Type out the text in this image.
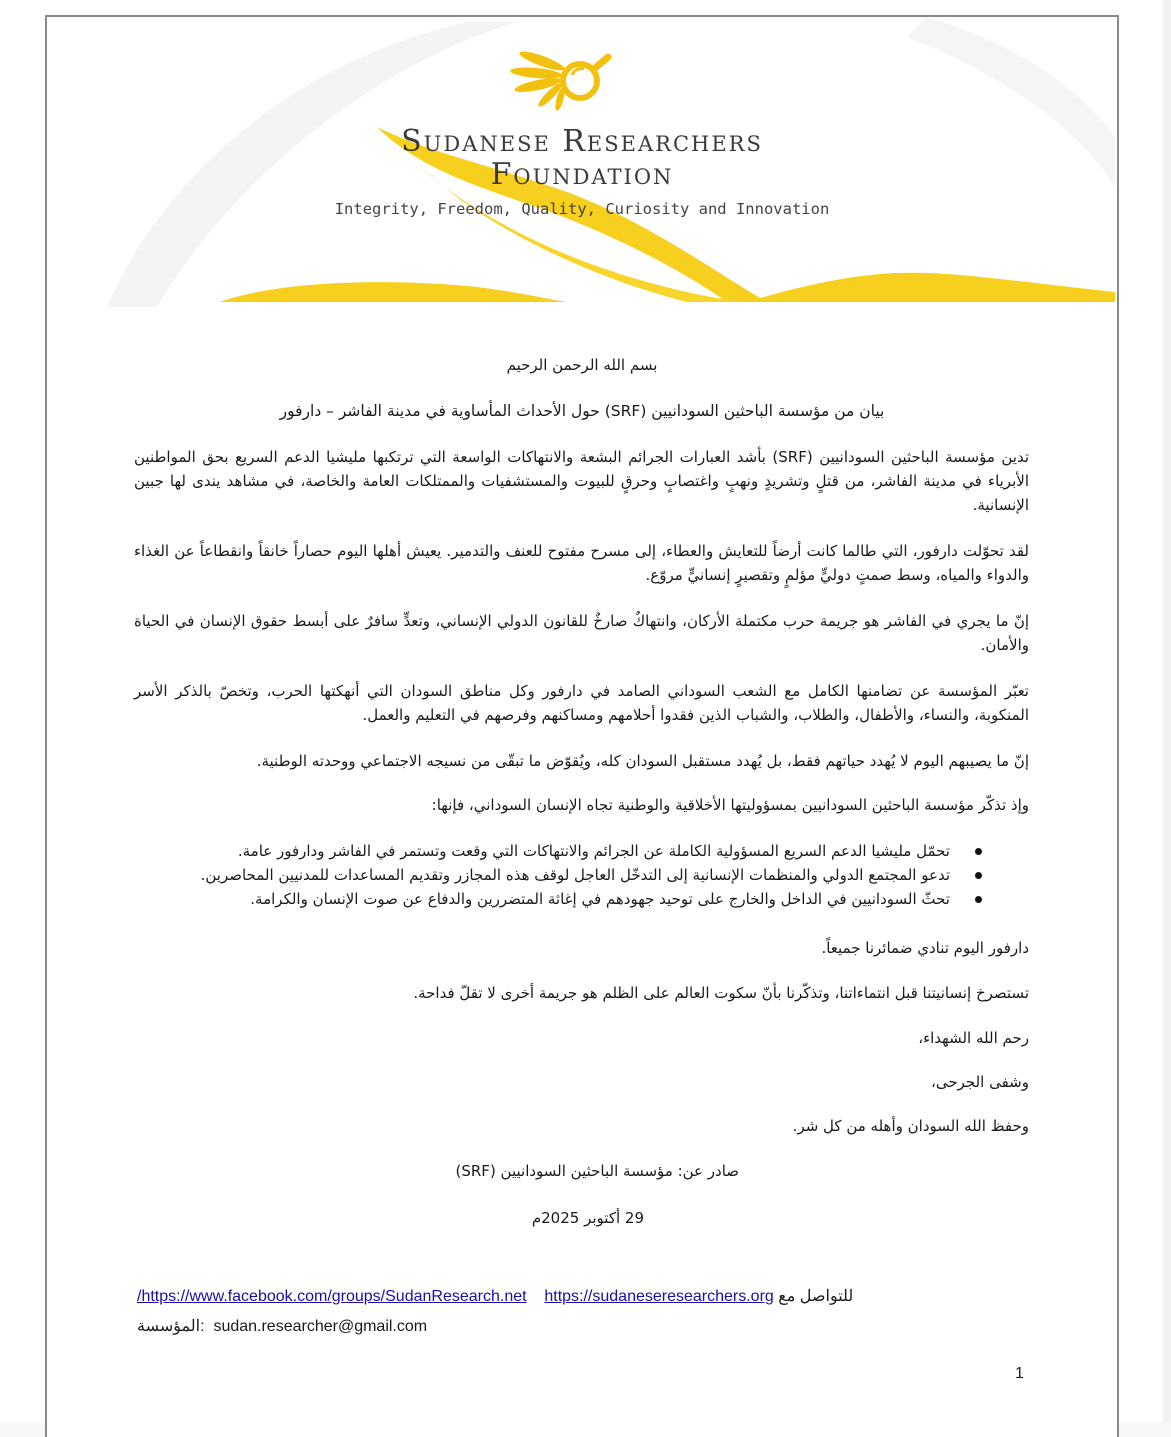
Sudanese Researchers
Foundation
Integrity, Freedom, Quality, Curiosity and Innovation
بسم الله الرحمن الرحيم
بيان من مؤسسة الباحثين السودانيين (SRF) حول الأحداث المأساوية في مدينة الفاشر – دارفور
تدين مؤسسة الباحثين السودانيين (SRF) بأشد العبارات الجرائم البشعة والانتهاكات الواسعة التي ترتكبها مليشيا الدعم السريع بحق المواطنين الأبرياء في مدينة الفاشر، من قتلٍ وتشريدٍ ونهبٍ واغتصابٍ وحرقٍ للبيوت والمستشفيات والممتلكات العامة والخاصة، في مشاهد يندى لها جبين الإنسانية.
لقد تحوّلت دارفور، التي طالما كانت أرضاً للتعايش والعطاء، إلى مسرح مفتوح للعنف والتدمير. يعيش أهلها اليوم حصاراً خانقاً وانقطاعاً عن الغذاء والدواء والمياه، وسط صمتٍ دوليٍّ مؤلمٍ وتقصيرٍ إنسانيٍّ مروّع.
إنّ ما يجري في الفاشر هو جريمة حرب مكتملة الأركان، وانتهاكٌ صارخٌ للقانون الدولي الإنساني، وتعدٍّ سافرٌ على أبسط حقوق الإنسان في الحياة والأمان.
تعبّر المؤسسة عن تضامنها الكامل مع الشعب السوداني الصامد في دارفور وكل مناطق السودان التي أنهكتها الحرب، وتخصّ بالذكر الأسر المنكوبة، والنساء، والأطفال، والطلاب، والشباب الذين فقدوا أحلامهم ومساكنهم وفرصهم في التعليم والعمل.
إنّ ما يصيبهم اليوم لا يُهدد حياتهم فقط، بل يُهدد مستقبل السودان كله، ويُقوّض ما تبقّى من نسيجه الاجتماعي ووحدته الوطنية.
وإذ تذكّر مؤسسة الباحثين السودانيين بمسؤوليتها الأخلاقية والوطنية تجاه الإنسان السوداني، فإنها:
تحمّل مليشيا الدعم السريع المسؤولية الكاملة عن الجرائم والانتهاكات التي وقعت وتستمر في الفاشر ودارفور عامة.
تدعو المجتمع الدولي والمنظمات الإنسانية إلى التدخّل العاجل لوقف هذه المجازر وتقديم المساعدات للمدنيين المحاصرين.
تحثّ السودانيين في الداخل والخارج على توحيد جهودهم في إغاثة المتضررين والدفاع عن صوت الإنسان والكرامة.
دارفور اليوم تنادي ضمائرنا جميعاً.
تستصرخ إنسانيتنا قبل انتماءاتنا، وتذكّرنا بأنّ سكوت العالم على الظلم هو جريمة أخرى لا تقلّ فداحة.
رحم الله الشهداء،
وشفى الجرحى،
وحفظ الله السودان وأهله من كل شر.
صادر عن: مؤسسة الباحثين السودانيين (SRF)
29 أكتوبر 2025م
للتواصل مع https://www.facebook.com/groups/SudanResearch.net    https://sudaneseresearchers.org/
المؤسسة:  sudan.researcher@gmail.com
1
